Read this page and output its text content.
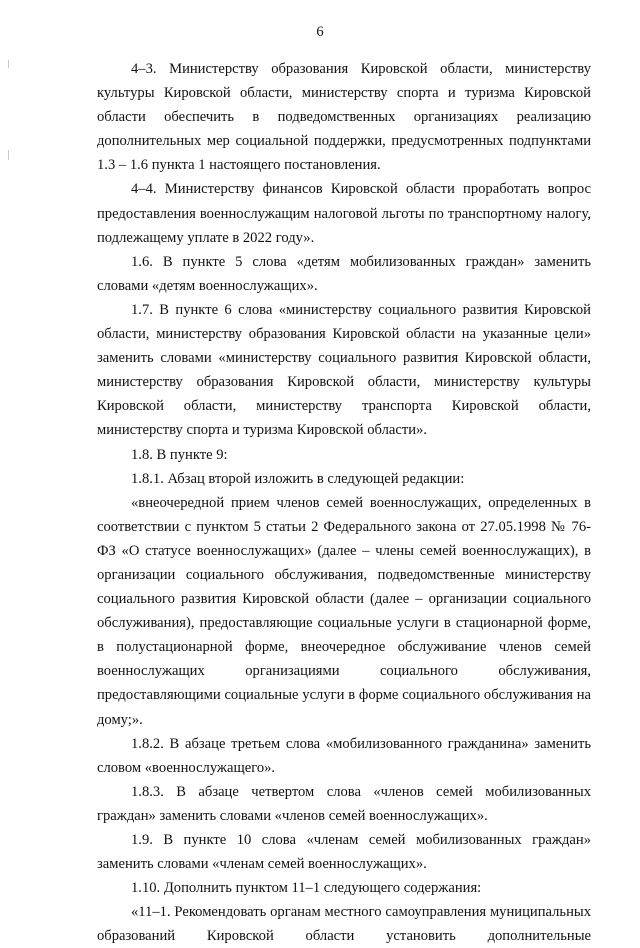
6

4–3. Министерству образования Кировской области, министерству культуры Кировской области, министерству спорта и туризма Кировской области обеспечить в подведомственных организациях реализацию дополнительных мер социальной поддержки, предусмотренных подпунктами 1.3 – 1.6 пункта 1 настоящего постановления.

4–4. Министерству финансов Кировской области проработать вопрос предоставления военнослужащим налоговой льготы по транспортному налогу, подлежащему уплате в 2022 году».

1.6. В пункте 5 слова «детям мобилизованных граждан» заменить словами «детям военнослужащих».

1.7. В пункте 6 слова «министерству социального развития Кировской области, министерству образования Кировской области на указанные цели» заменить словами «министерству социального развития Кировской области, министерству образования Кировской области, министерству культуры Кировской области, министерству транспорта Кировской области, министерству спорта и туризма Кировской области».

1.8. В пункте 9:

1.8.1. Абзац второй изложить в следующей редакции:

«внеочередной прием членов семей военнослужащих, определенных в соответствии с пунктом 5 статьи 2 Федерального закона от 27.05.1998 № 76-ФЗ «О статусе военнослужащих» (далее – члены семей военнослужащих), в организации социального обслуживания, подведомственные министерству социального развития Кировской области (далее – организации социального обслуживания), предоставляющие социальные услуги в стационарной форме, в полустационарной форме, внеочередное обслуживание членов семей военнослужащих организациями социального обслуживания, предоставляющими социальные услуги в форме социального обслуживания на дому;».

1.8.2. В абзаце третьем слова «мобилизованного гражданина» заменить словом «военнослужащего».

1.8.3. В абзаце четвертом слова «членов семей мобилизованных граждан» заменить словами «членов семей военнослужащих».

1.9. В пункте 10 слова «членам семей мобилизованных граждан» заменить словами «членам семей военнослужащих».

1.10. Дополнить пунктом 11–1 следующего содержания:

«11–1. Рекомендовать органам местного самоуправления муниципальных образований Кировской области установить дополнительные
